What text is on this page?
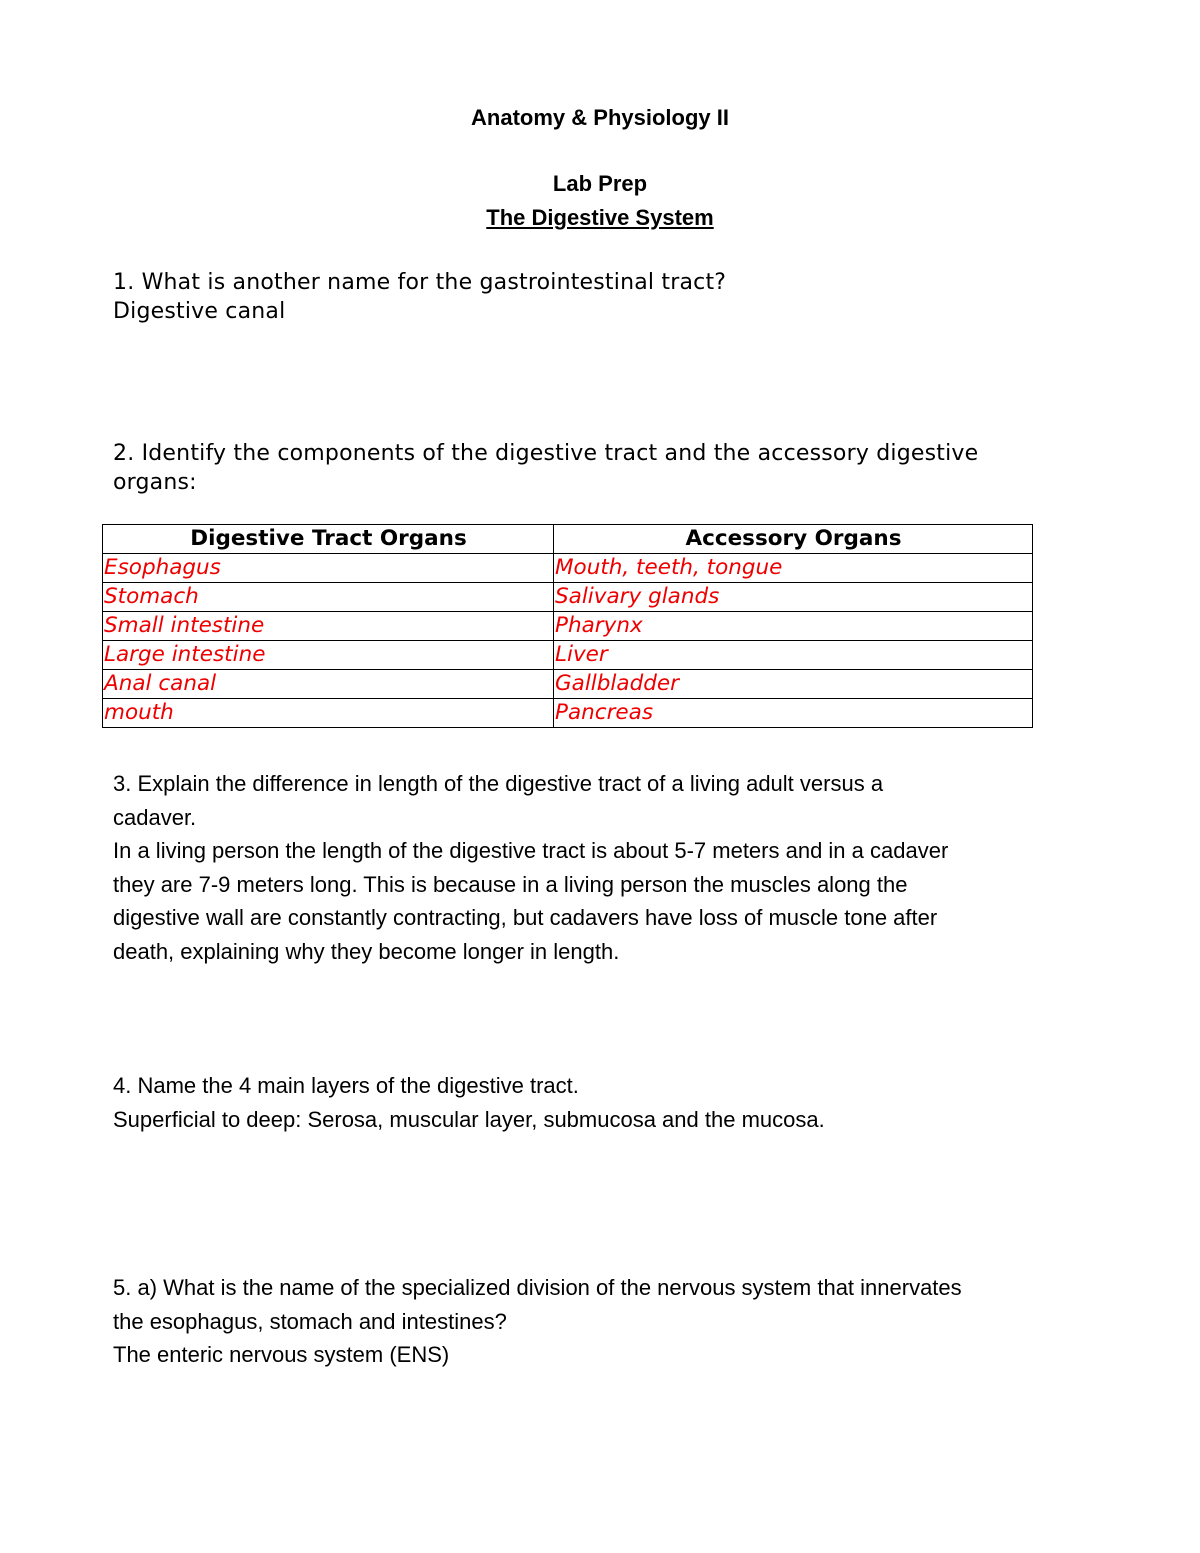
Anatomy & Physiology II
Lab Prep
The Digestive System

1. What is another name for the gastrointestinal tract?

Digestive canal

2. Identify the components of the digestive tract and the accessory digestive

organs:

Digestive Tract Organs	Accessory Organs
Esophagus	Mouth, teeth, tongue
Stomach	Salivary glands
Small intestine	Pharynx
Large intestine	Liver
Anal canal	Gallbladder
mouth	Pancreas

3. Explain the difference in length of the digestive tract of a living adult versus a

cadaver.

In a living person the length of the digestive tract is about 5-7 meters and in a cadaver

they are 7-9 meters long. This is because in a living person the muscles along the

digestive wall are constantly contracting, but cadavers have loss of muscle tone after

death, explaining why they become longer in length.

4. Name the 4 main layers of the digestive tract.

Superficial to deep: Serosa, muscular layer, submucosa and the mucosa.

5. a) What is the name of the specialized division of the nervous system that innervates

the esophagus, stomach and intestines?

The enteric nervous system (ENS)
